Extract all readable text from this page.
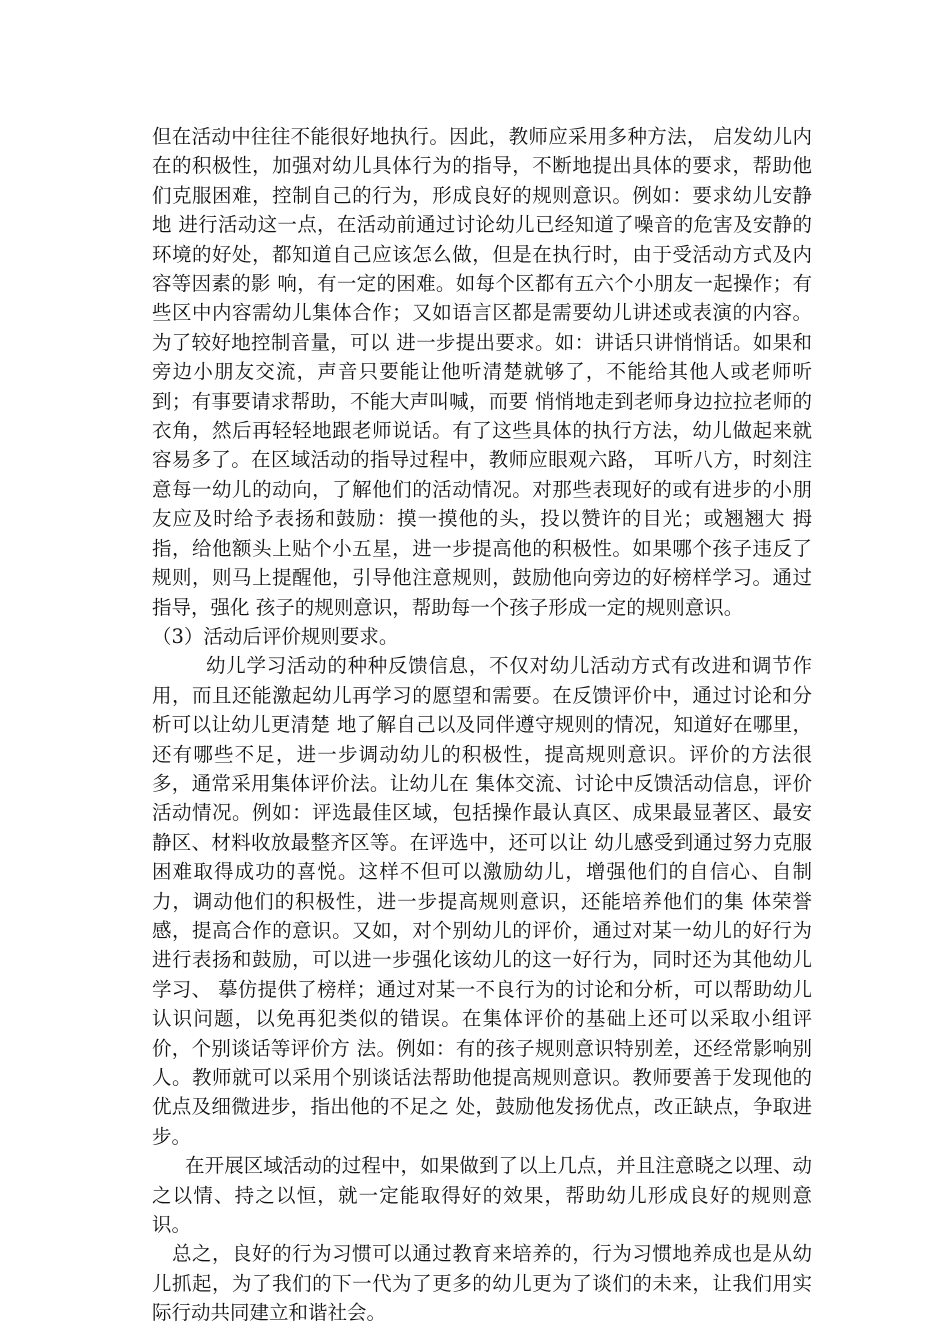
但在活动中往往不能很好地执行。因此，教师应采用多种方法， 启发幼儿内在的积极性，加强对幼儿具体行为的指导，不断地提出具体的要求，帮助他们克服困难，控制自己的行为，形成良好的规则意识。例如：要求幼儿安静地 进行活动这一点，在活动前通过讨论幼儿已经知道了噪音的危害及安静的环境的好处，都知道自己应该怎么做，但是在执行时，由于受活动方式及内容等因素的影 响，有一定的困难。如每个区都有五六个小朋友一起操作；有些区中内容需幼儿集体合作；又如语言区都是需要幼儿讲述或表演的内容。为了较好地控制音量，可以 进一步提出要求。如：讲话只讲悄悄话。如果和旁边小朋友交流，声音只要能让他听清楚就够了，不能给其他人或老师听到；有事要请求帮助，不能大声叫喊，而要 悄悄地走到老师身边拉拉老师的衣角，然后再轻轻地跟老师说话。有了这些具体的执行方法，幼儿做起来就容易多了。在区域活动的指导过程中，教师应眼观六路， 耳听八方，时刻注意每一幼儿的动向，了解他们的活动情况。对那些表现好的或有进步的小朋友应及时给予表扬和鼓励：摸一摸他的头，投以赞许的目光；或翘翘大 拇指，给他额头上贴个小五星，进一步提高他的积极性。如果哪个孩子违反了规则，则马上提醒他，引导他注意规则，鼓励他向旁边的好榜样学习。通过指导，强化 孩子的规则意识，帮助每一个孩子形成一定的规则意识。

（3）活动后评价规则要求。

幼儿学习活动的种种反馈信息，不仅对幼儿活动方式有改进和调节作用，而且还能激起幼儿再学习的愿望和需要。在反馈评价中，通过讨论和分析可以让幼儿更清楚 地了解自己以及同伴遵守规则的情况，知道好在哪里，还有哪些不足，进一步调动幼儿的积极性，提高规则意识。评价的方法很多，通常采用集体评价法。让幼儿在 集体交流、讨论中反馈活动信息，评价活动情况。例如：评选最佳区域，包括操作最认真区、成果最显著区、最安静区、材料收放最整齐区等。在评选中，还可以让 幼儿感受到通过努力克服困难取得成功的喜悦。这样不但可以激励幼儿，增强他们的自信心、自制力，调动他们的积极性，进一步提高规则意识，还能培养他们的集 体荣誉感，提高合作的意识。又如，对个别幼儿的评价，通过对某一幼儿的好行为进行表扬和鼓励，可以进一步强化该幼儿的这一好行为，同时还为其他幼儿学习、 摹仿提供了榜样；通过对某一不良行为的讨论和分析，可以帮助幼儿认识问题，以免再犯类似的错误。在集体评价的基础上还可以采取小组评价，个别谈话等评价方 法。例如：有的孩子规则意识特别差，还经常影响别人。教师就可以采用个别谈话法帮助他提高规则意识。教师要善于发现他的优点及细微进步，指出他的不足之 处，鼓励他发扬优点，改正缺点，争取进步。

在开展区域活动的过程中，如果做到了以上几点，并且注意晓之以理、动之以情、持之以恒，就一定能取得好的效果，帮助幼儿形成良好的规则意识。

总之，良好的行为习惯可以通过教育来培养的，行为习惯地养成也是从幼儿抓起，为了我们的下一代为了更多的幼儿更为了谈们的未来，让我们用实际行动共同建立和谐社会。
